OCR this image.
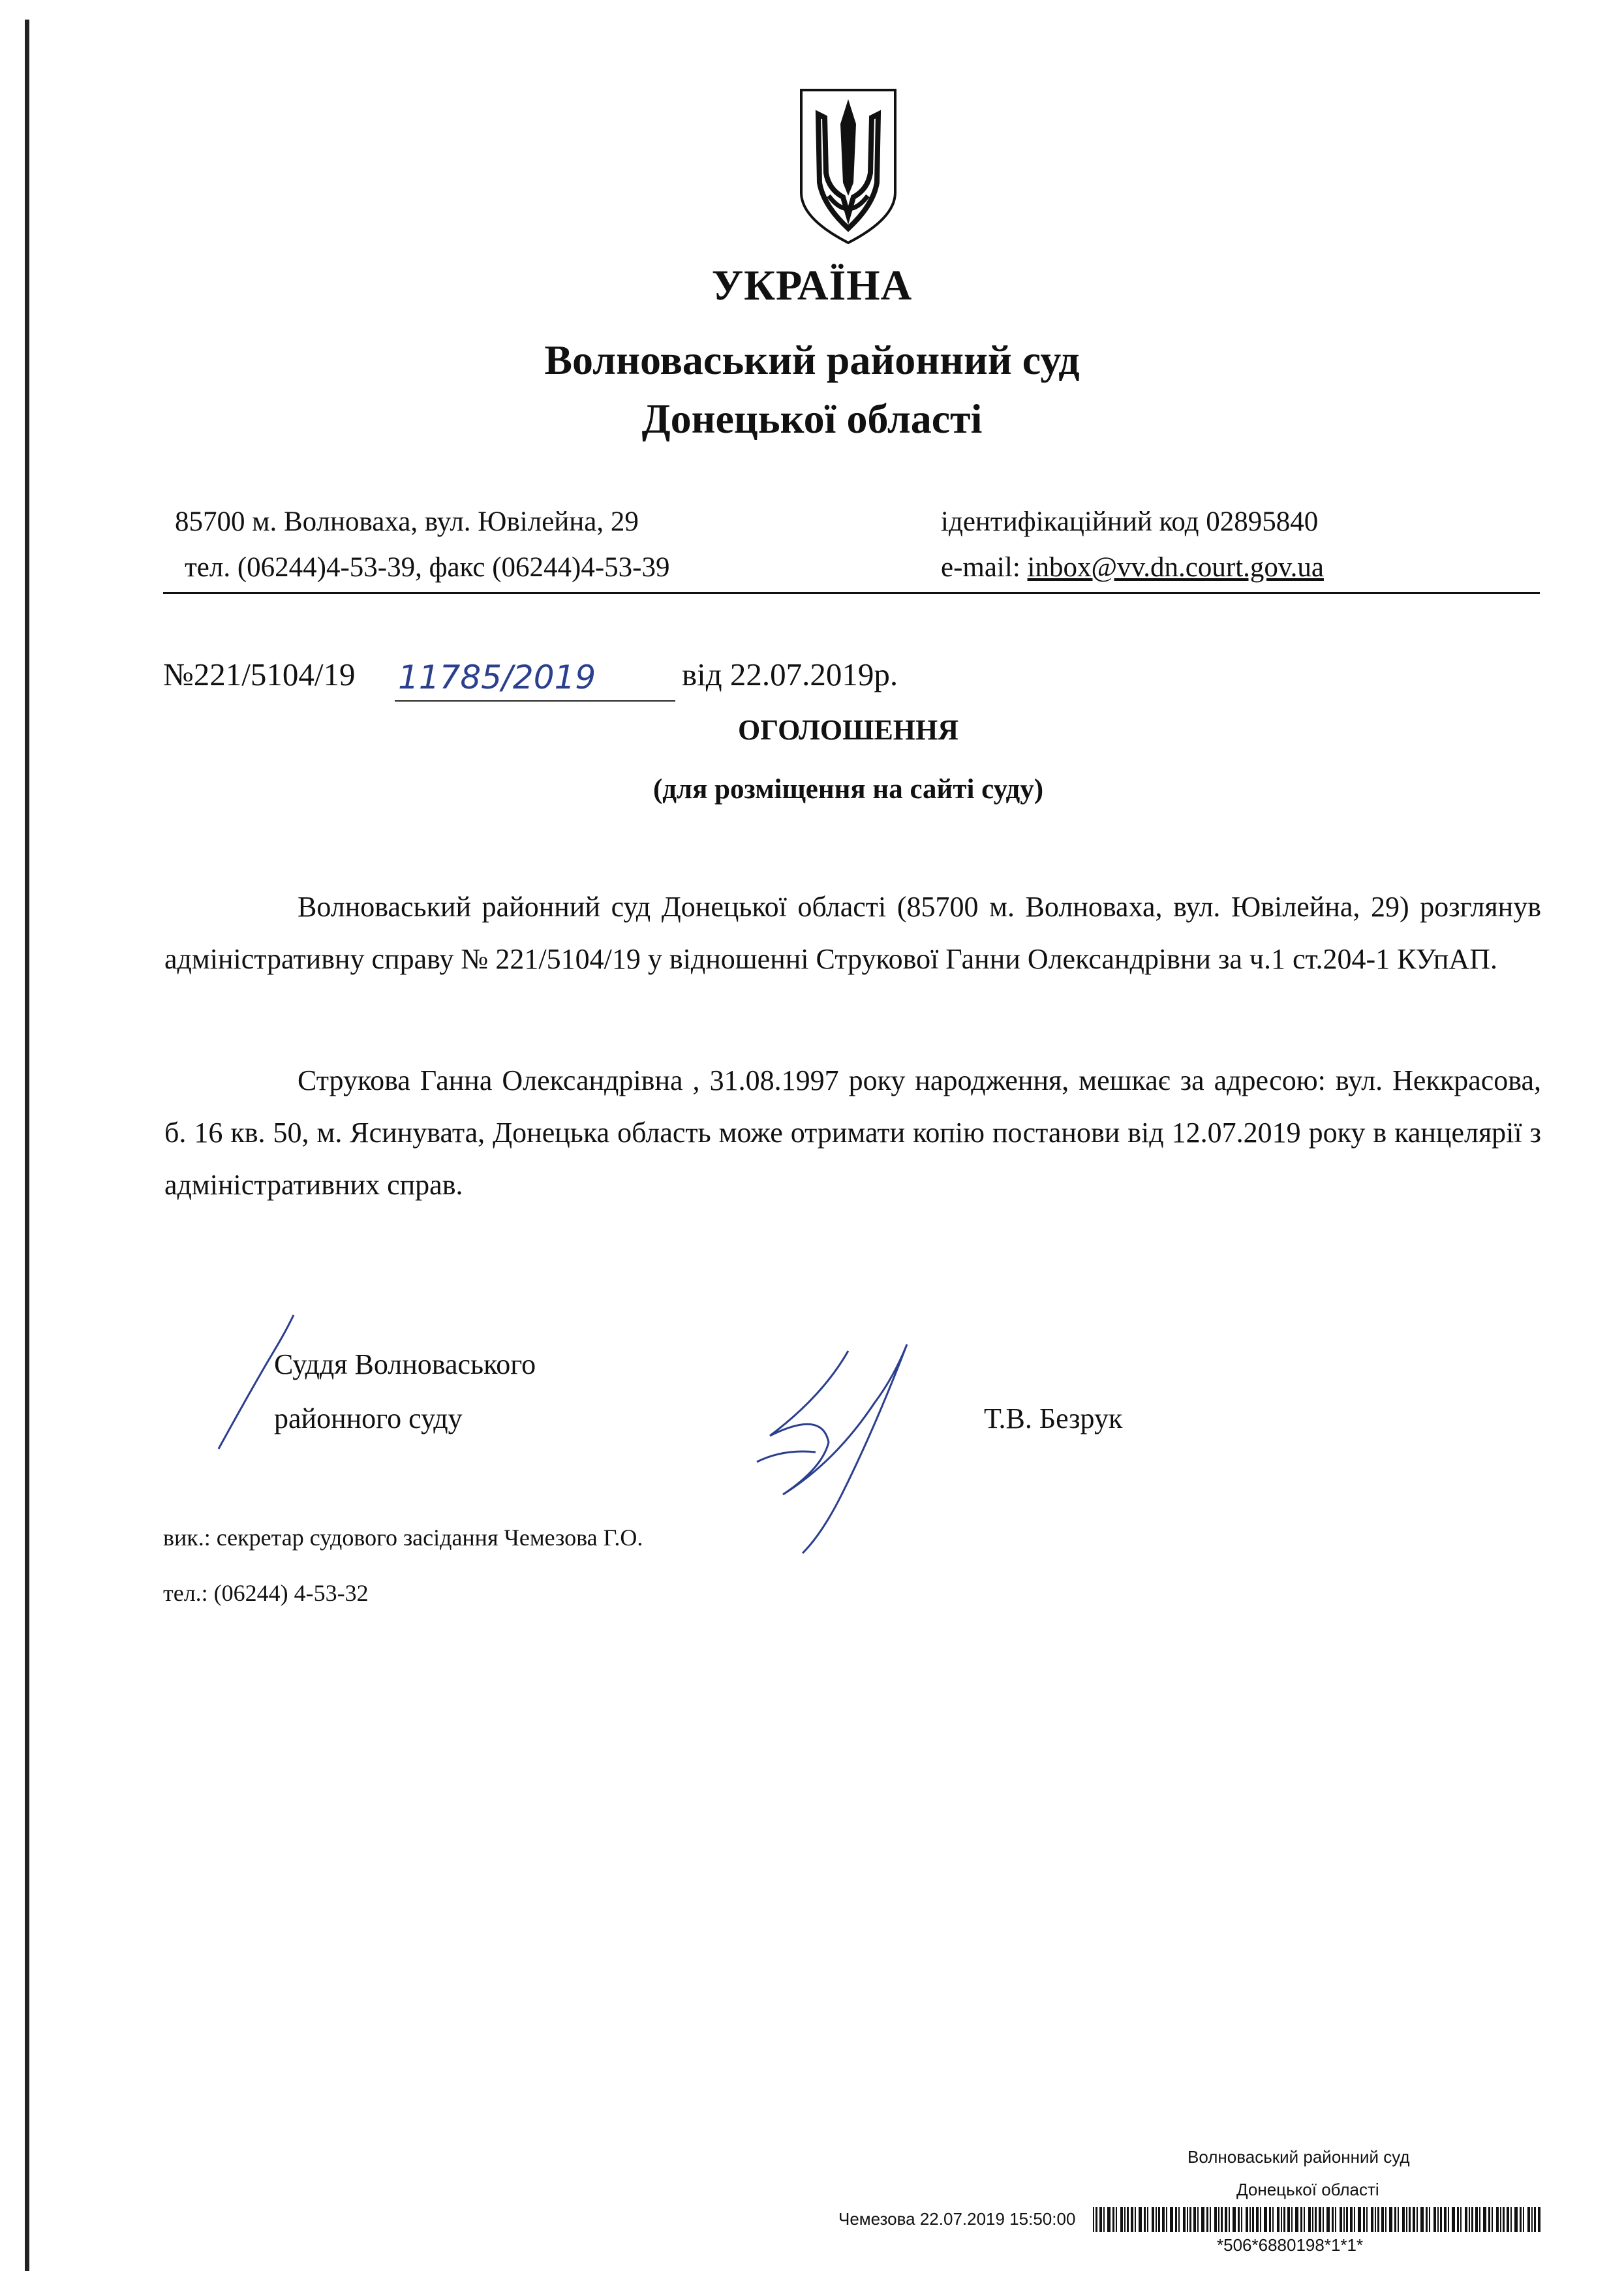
УКРАЇНА
Волноваський районний суд
Донецької області
85700 м. Волноваха, вул. Ювілейна, 29
тел. (06244)4-53-39, факс (06244)4-53-39
ідентифікаційний код 02895840
e-mail: inbox@vv.dn.court.gov.ua
№221/5104/19 11785/2019	від 22.07.2019р.
ОГОЛОШЕННЯ
(для розміщення на сайті суду)
Волноваський районний суд Донецької області (85700 м. Волноваха, вул. Ювілейна, 29) розглянув адміністративну справу № 221/5104/19 у відношенні Струкової Ганни Олександрівни за ч.1 ст.204-1 КУпАП.
Струкова Ганна Олександрівна , 31.08.1997 року народження, мешкає за адресою: вул. Неккрасова, б. 16 кв. 50, м. Ясинувата, Донецька область може отримати копію постанови від 12.07.2019 року в канцелярії з адміністративних справ.
Суддя Волноваського
районного суду	Т.В. Безрук
вик.: секретар судового засідання Чемезова Г.О.
тел.: (06244) 4-53-32
Волноваський районний суд
Донецької області
Чемезова 22.07.2019 15:50:00
*506*6880198*1*1*
